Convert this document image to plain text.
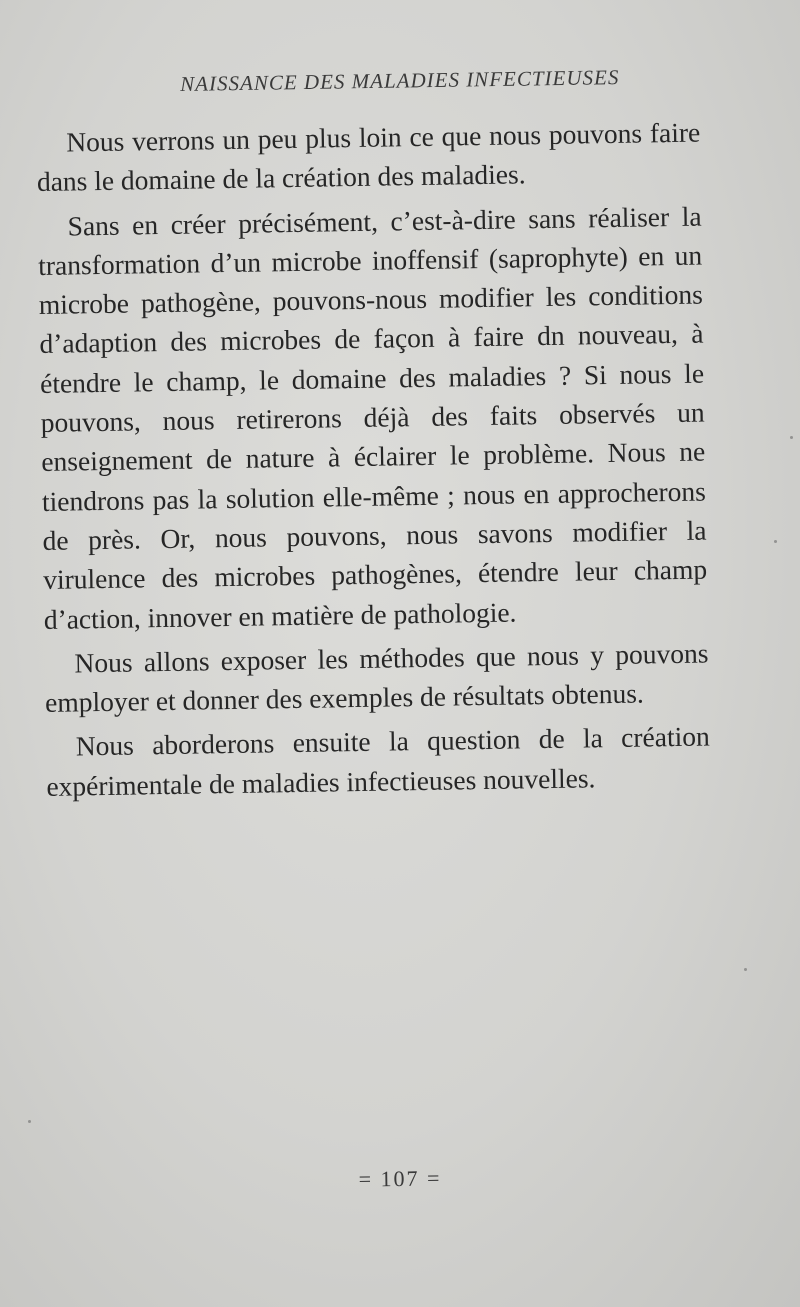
NAISSANCE DES MALADIES INFECTIEUSES

Nous verrons un peu plus loin ce que nous pouvons faire dans le domaine de la création des maladies.

Sans en créer précisément, c’est-à-dire sans réaliser la transformation d’un microbe inoffensif (saprophyte) en un microbe pathogène, pouvons-nous modifier les conditions d’adaption des microbes de façon à faire dn nouveau, à étendre le champ, le domaine des maladies ? Si nous le pouvons, nous retirerons déjà des faits observés un enseignement de nature à éclairer le problème. Nous ne tiendrons pas la solution elle-même ; nous en approcherons de près. Or, nous pouvons, nous savons modifier la virulence des microbes pathogènes, étendre leur champ d’action, innover en matière de pathologie.

Nous allons exposer les méthodes que nous y pouvons employer et donner des exemples de résultats obtenus.

Nous aborderons ensuite la question de la création expérimentale de maladies infectieuses nouvelles.

= 107 =
